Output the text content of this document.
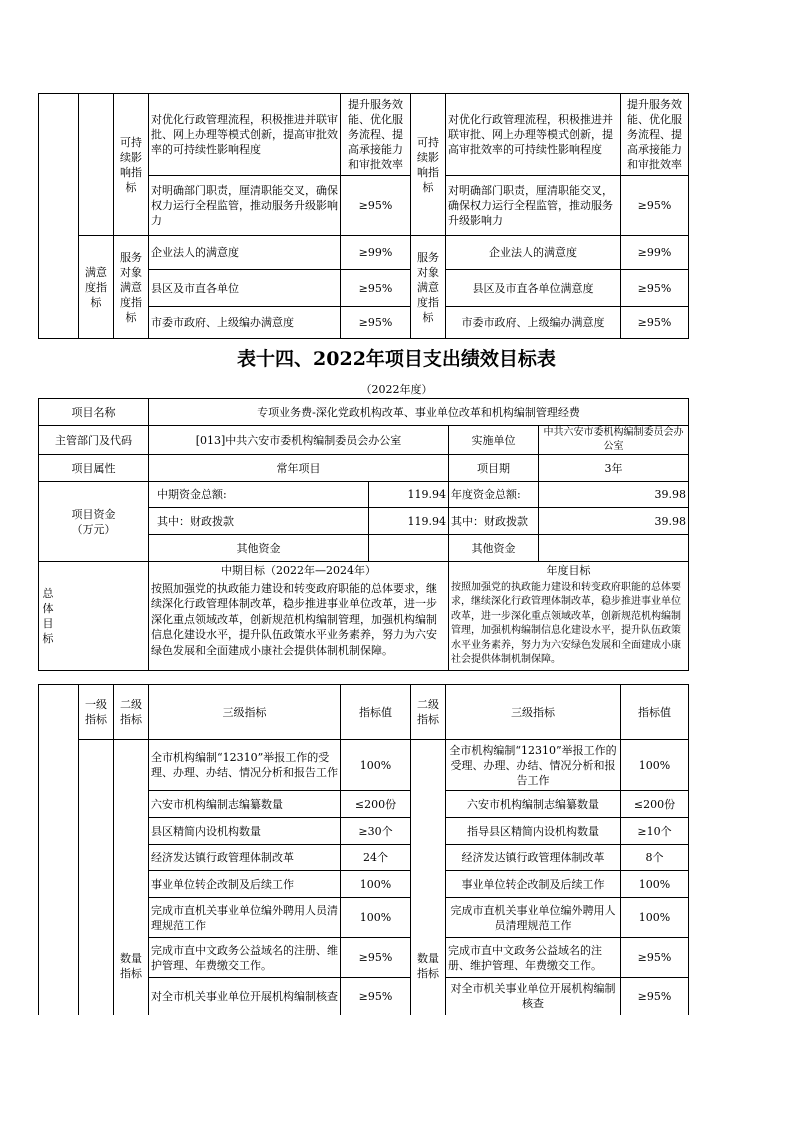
		可持续影响指标	对优化行政管理流程，积极推进并联审批、网上办理等模式创新，提高审批效率的可持续性影响程度	提升服务效能、优化服务流程、提高承接能力和审批效率	可持续影响指标	对优化行政管理流程，积极推进并联审批、网上办理等模式创新，提高审批效率的可持续性影响程度	提升服务效能、优化服务流程、提高承接能力和审批效率
			对明确部门职责，厘清职能交叉，确保权力运行全程监管，推动服务升级影响力	≥95%		对明确部门职责，厘清职能交叉，确保权力运行全程监管，推动服务升级影响力	≥95%
	满意度指标	服务对象满意度指标	企业法人的满意度	≥99%	服务对象满意度指标	企业法人的满意度	≥99%
			县区及市直各单位	≥95%		县区及市直各单位满意度	≥95%
			市委市政府、上级编办满意度	≥95%		市委市政府、上级编办满意度	≥95%
表十四、2022年项目支出绩效目标表
（2022年度）
项目名称	专项业务费-深化党政机构改革、事业单位改革和机构编制管理经费			
主管部门及代码	[013]中共六安市委机构编制委员会办公室		实施单位	中共六安市委机构编制委员会办公室
项目属性	常年项目		项目期	3年

项目资金
（万元）	中期资金总额:	119.94	年度资金总额:	39.98
	其中：财政拨款	119.94	其中：财政拨款	39.98
	其他资金		其他资金	

总体目标	中期目标（2022年—2024年）		年度目标	
	按照加强党的执政能力建设和转变政府职能的总体要求，继续深化行政管理体制改革，稳步推进事业单位改革，进一步深化重点领域改革，创新规范机构编制管理，加强机构编制信息化建设水平，提升队伍政策水平业务素养，努力为六安绿色发展和全面建成小康社会提供体制机制保障。		按照加强党的执政能力建设和转变政府职能的总体要求，继续深化行政管理体制改革，稳步推进事业单位改革，进一步深化重点领域改革，创新规范机构编制管理，加强机构编制信息化建设水平，提升队伍政策水平业务素养，努力为六安绿色发展和全面建成小康社会提供体制机制保障。	
	一级指标	二级指标	三级指标	指标值	二级指标	三级指标	指标值
		数量指标	全市机构编制“12310”举报工作的受理、办理、办结、情况分析和报告工作	100%	数量指标	全市机构编制“12310”举报工作的受理、办理、办结、情况分析和报告工作	100%
			六安市机构编制志编纂数量	≤200份		六安市机构编制志编纂数量	≤200份
			县区精简内设机构数量	≥30个		指导县区精简内设机构数量	≥10个
			经济发达镇行政管理体制改革	24个		经济发达镇行政管理体制改革	8个
			事业单位转企改制及后续工作	100%		事业单位转企改制及后续工作	100%
			完成市直机关事业单位编外聘用人员清理规范工作	100%		完成市直机关事业单位编外聘用人员清理规范工作	100%
			完成市直中文政务公益域名的注册、维护管理、年费缴交工作。	≥95%		完成市直中文政务公益域名的注册、维护管理、年费缴交工作。	≥95%
			对全市机关事业单位开展机构编制核查	≥95%		对全市机关事业单位开展机构编制核查	≥95%
